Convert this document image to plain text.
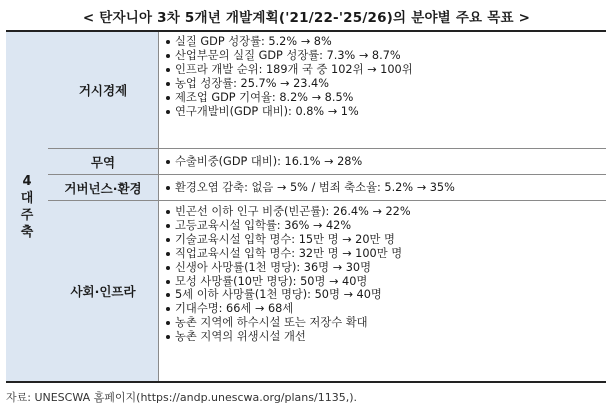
< 탄자니아 3차 5개년 개발계획('21/22-'25/26)의 분야별 주요 목표 >
4
대
주
축
거시경제
실질 GDP 성장률: 5.2% → 8%
산업부문의 실질 GDP 성장률: 7.3% → 8.7%
인프라 개발 순위: 189개 국 중 102위 → 100위
농업 성장률: 25.7% → 23.4%
제조업 GDP 기여율: 8.2% → 8.5%
연구개발비(GDP 대비): 0.8% → 1%
무역	수출비중(GDP 대비): 16.1% → 28%
거버넌스·환경	환경오염 감축: 없음 → 5% / 범죄 축소율: 5.2% → 35%
사회·인프라
빈곤선 이하 인구 비중(빈곤률): 26.4% → 22%
고등교육시설 입학률: 36% → 42%
기술교육시설 입학 명수: 15만 명 → 20만 명
직업교육시설 입학 명수: 32만 명 → 100만 명
신생아 사망률(1천 명당): 36명 → 30명
모성 사망률(10만 명당): 50명 → 40명
5세 이하 사망률(1천 명당): 50명 → 40명
기대수명: 66세 → 68세
농촌 지역에 하수시설 또는 저장수 확대
농촌 지역의 위생시설 개선
자료: UNESCWA 홈페이지(https://andp.unescwa.org/plans/1135,).
